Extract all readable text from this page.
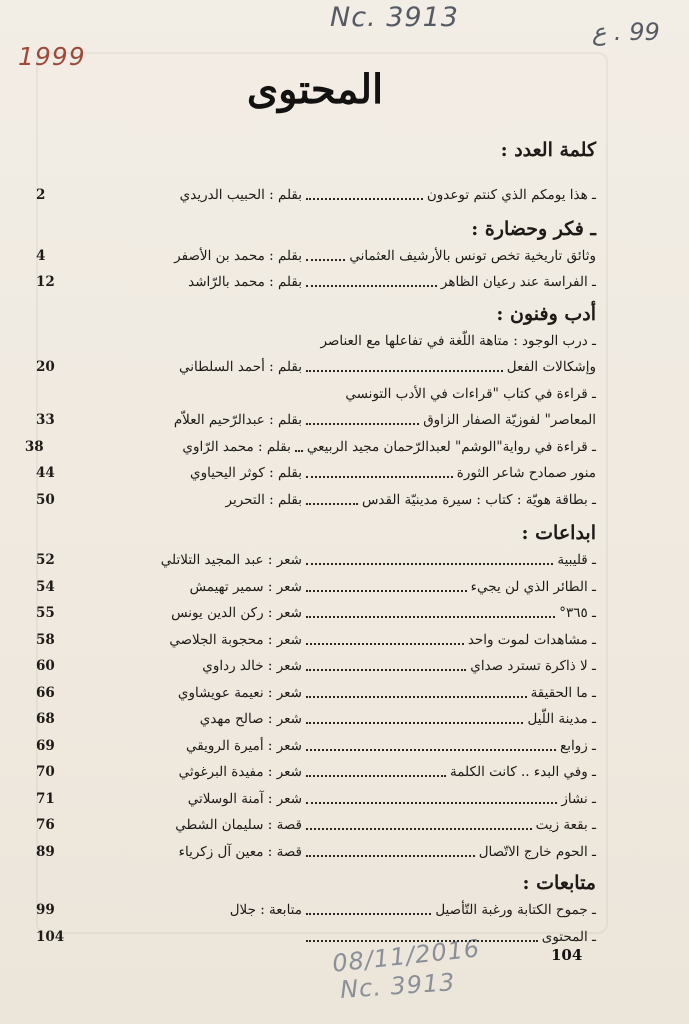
Nc. 3913
1999
99 . ع
08/11/2016
Nc. 3913
المحتوى
كلمة العدد :
ـ هذا يومكم الذي كنتم توعدون
بقلم : الحبيب الدريدي
2
ـ فكر وحضارة :
وثائق تاريخية تخص تونس بالأرشيف العثماني
بقلم : محمد بن الأصفر
4
ـ الفراسة عند رعيان الظاهر
بقلم : محمد بالرّاشد
12
أدب وفنون :
ـ درب الوجود : متاهة اللّغة في تفاعلها مع العناصر
وإشكالات الفعل
بقلم : أحمد السلطاني
20
ـ قراءة في كتاب "قراءات في الأدب التونسي
المعاصر" لفوزيّة الصفار الزاوق
بقلم : عبدالرّحيم العلاّم
33
ـ قراءة في رواية"الوشم" لعبدالرّحمان مجيد الربيعي
بقلم : محمد الرّاوي
38
منور صمادح شاعر الثورة
بقلم : كوثر اليحياوي
44
ـ بطاقة هويّة : كتاب : سيرة مدينيّة القدس
بقلم : التحرير
50
ابداعات :
ـ قليبية
شعر : عبد المجيد التلاتلي
52
ـ الطائر الذي لن يجيء
شعر : سمير تهيمش
54
ـ ٣٦٥°
شعر : ركن الدين يونس
55
ـ مشاهدات لموت واحد
شعر : محجوبة الجلاصي
58
ـ لا ذاكرة تسترد صداي
شعر : خالد رداوي
60
ـ ما الحقيقة
شعر : نعيمة عويشاوي
66
ـ مدينة اللّيل
شعر : صالح مهدي
68
ـ زوابع
شعر : أميرة الرويقي
69
ـ وفي البدء .. كانت الكلمة
شعر : مفيدة البرغوثي
70
ـ نشاز
شعر : آمنة الوسلاتي
71
ـ بقعة زيت
قصة : سليمان الشطي
76
ـ الحوم خارج الاتّصال
قصة : معين آل زكرياء
89
متابعات :
ـ جموح الكتابة ورغبة التّأصيل
متابعة : جلال
99
ـ المحتوى
104
104
